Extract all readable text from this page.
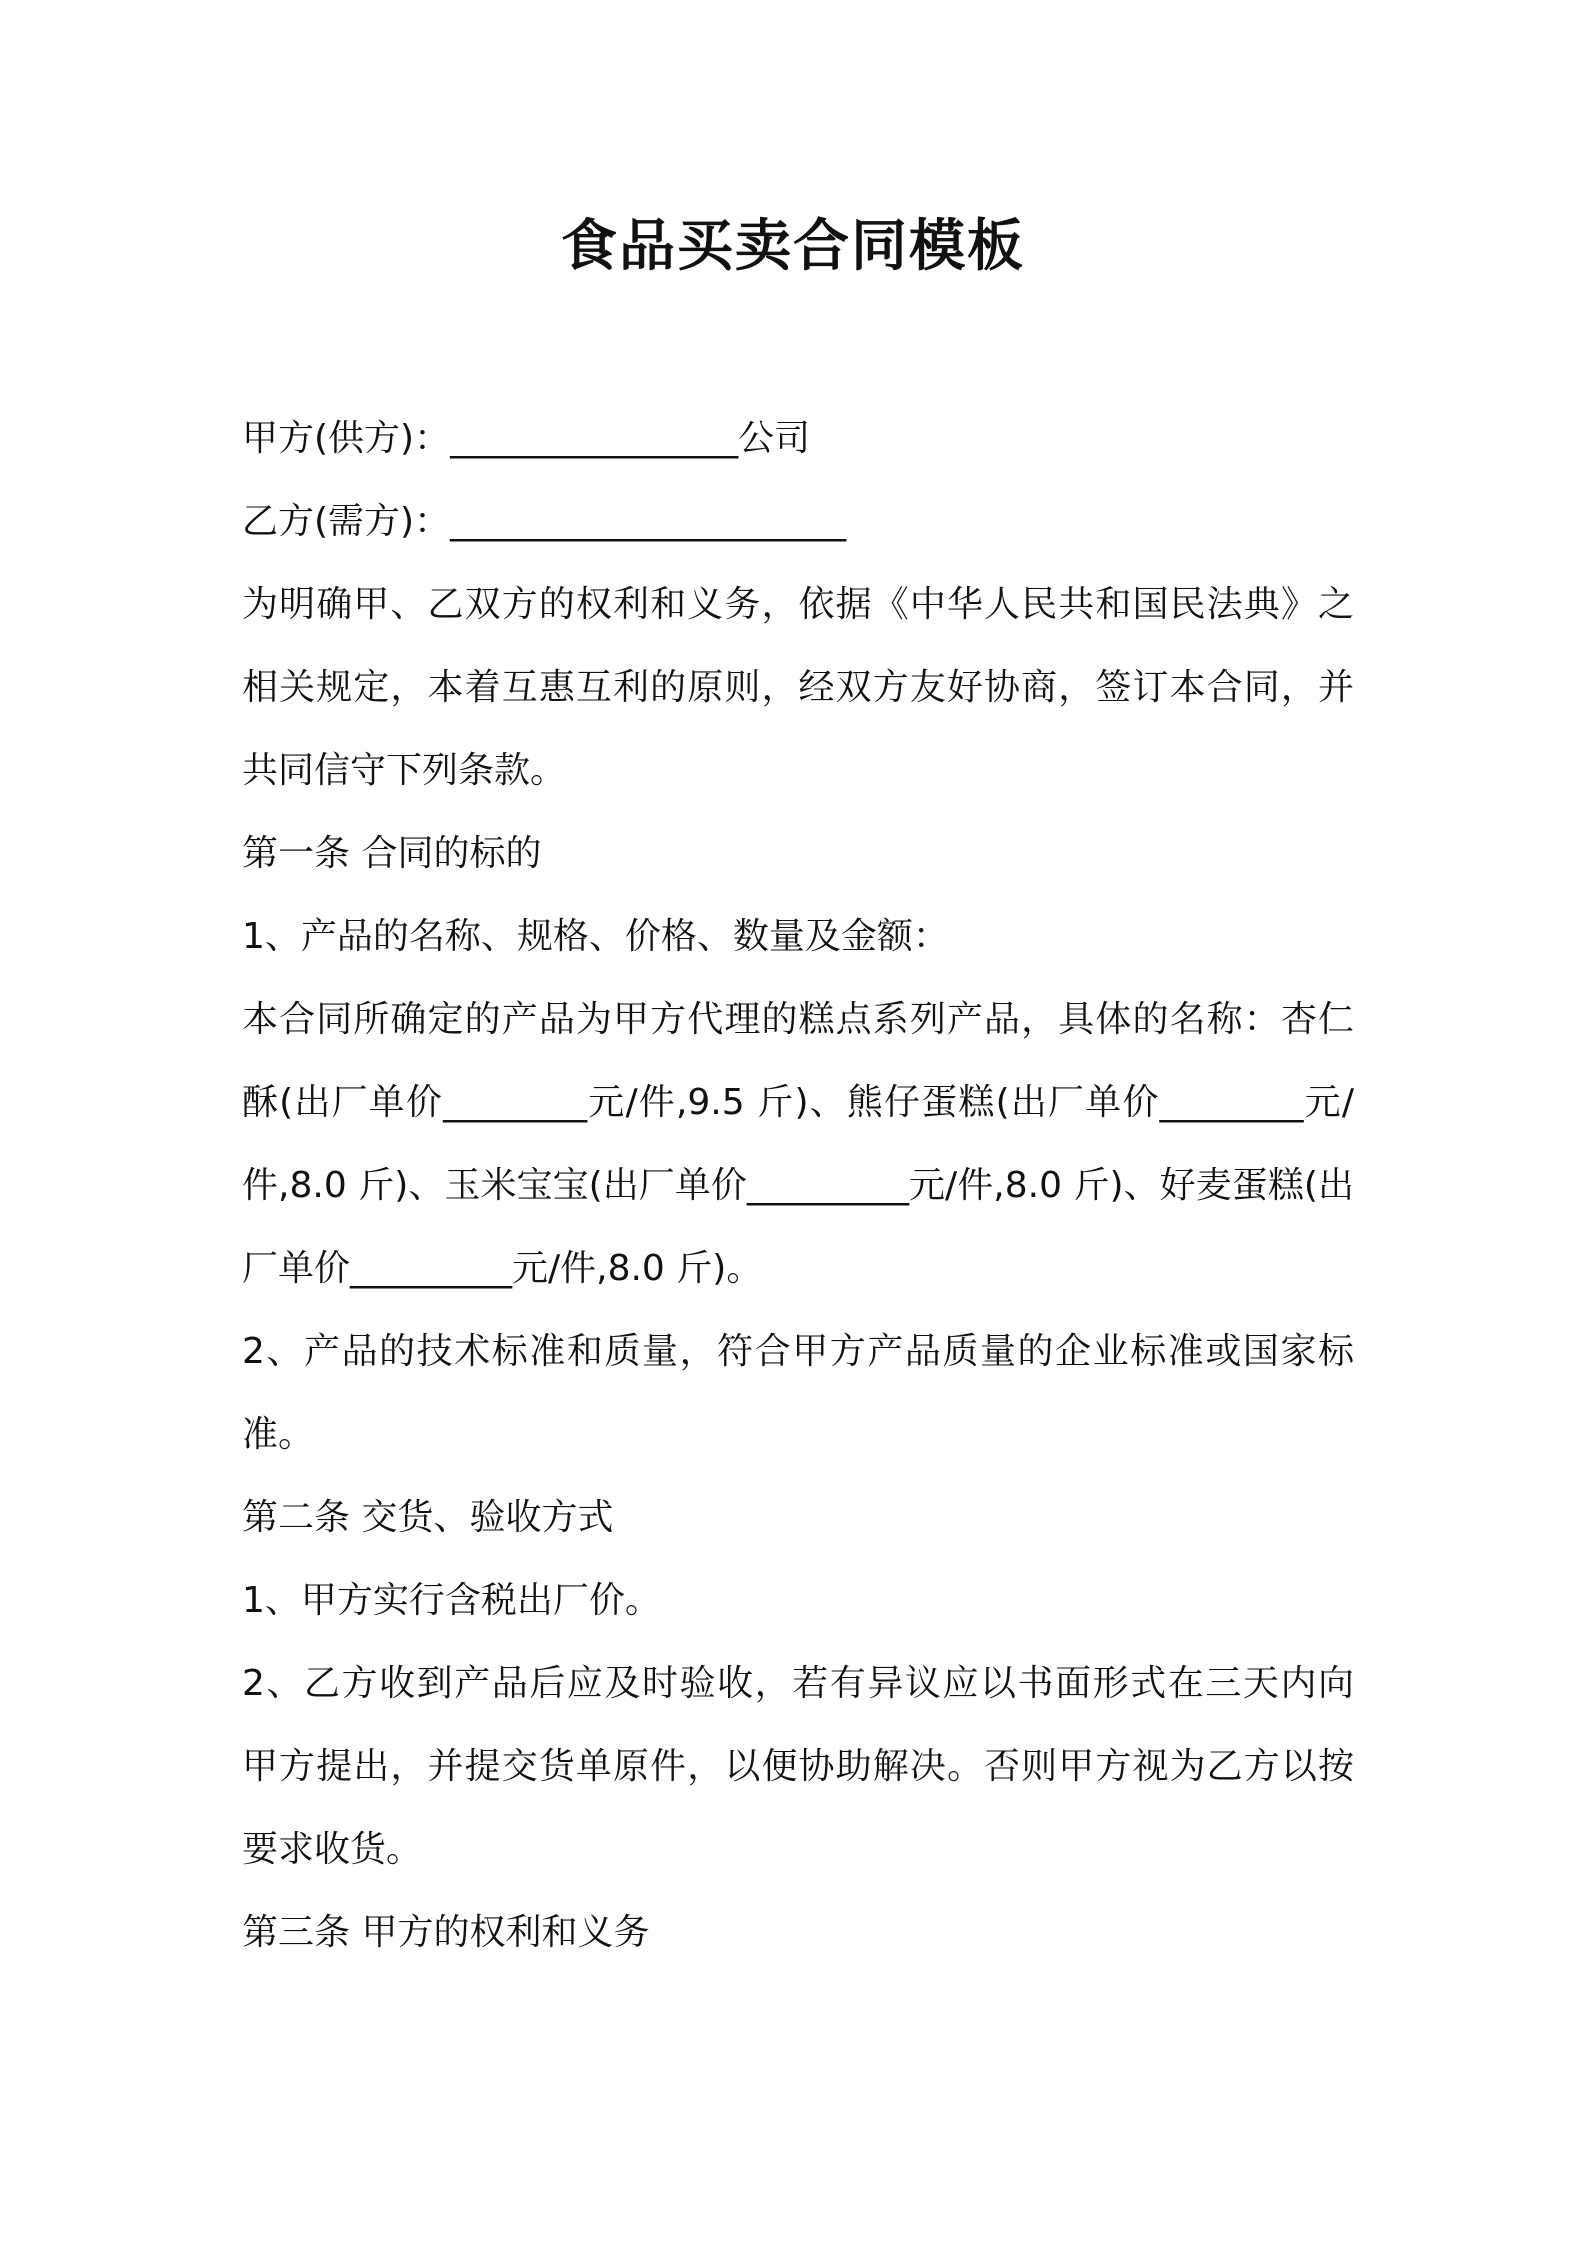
食品买卖合同模板
甲方(供方)：________________公司
乙方(需方)：______________________
为明确甲、乙双方的权利和义务，依据《中华人民共和国民法典》之
相关规定，本着互惠互利的原则，经双方友好协商，签订本合同，并
共同信守下列条款。
第一条 合同的标的
1、产品的名称、规格、价格、数量及金额：
本合同所确定的产品为甲方代理的糕点系列产品，具体的名称：杏仁
酥(出厂单价________元/件,9.5 斤)、熊仔蛋糕(出厂单价________元/
件,8.0 斤)、玉米宝宝(出厂单价_________元/件,8.0 斤)、好麦蛋糕(出
厂单价_________元/件,8.0 斤)。
2、产品的技术标准和质量，符合甲方产品质量的企业标准或国家标
准。
第二条 交货、验收方式
1、甲方实行含税出厂价。
2、乙方收到产品后应及时验收，若有异议应以书面形式在三天内向
甲方提出，并提交货单原件，以便协助解决。否则甲方视为乙方以按
要求收货。
第三条 甲方的权利和义务
